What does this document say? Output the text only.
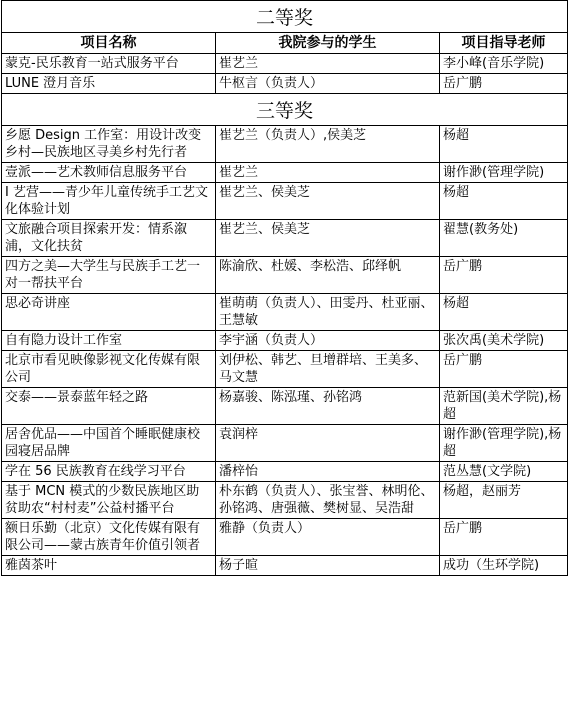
二等奖		
项目名称	我院参与的学生	项目指导老师
蒙克-民乐教育一站式服务平台	崔艺兰	李小峰(音乐学院)
LUNE 澄月音乐	牛枢言（负责人）	岳广鹏
三等奖		
乡愿 Design 工作室：用设计改变乡村—民族地区寻美乡村先行者	崔艺兰（负责人）,侯美芝	杨超
壹派——艺术教师信息服务平台	崔艺兰	谢作渺(管理学院)
I 艺营——青少年儿童传统手工艺文化体验计划	崔艺兰、侯美芝	杨超
文旅融合项目探索开发：情系溆浦，文化扶贫	崔艺兰、侯美芝	翟慧(教务处)
四方之美—大学生与民族手工艺一对一帮扶平台	陈渝欣、杜媛、李松浩、邱绎帆	岳广鹏
思必奇讲座	崔萌萌（负责人）、田雯丹、杜亚丽、王慧敏	杨超
自有隐力设计工作室	李宇涵（负责人）	张次禹(美术学院)
北京市看见映像影视文化传媒有限公司	刘伊松、韩艺、旦增群培、王美多、马文慧	岳广鹏
交泰——景泰蓝年轻之路	杨嘉骏、陈泓瑾、孙铭鸿	范新国(美术学院),杨超
居舍优品——中国首个睡眠健康校园寝居品牌	袁润梓	谢作渺(管理学院),杨超
学在 56 民族教育在线学习平台	潘梓怡	范丛慧(文学院)
基于 MCN 模式的少数民族地区助贫助农“村村麦”公益村播平台	朴东鹤（负责人）、张宝誉、林明伦、孙铭鸿、唐强薇、樊树显、吴浩甜	杨超，赵丽芳
额日乐勤（北京）文化传媒有限有限公司——蒙古族青年价值引领者	雅静（负责人）	岳广鹏
雅茵茶叶	杨子暄	成功（生环学院)
